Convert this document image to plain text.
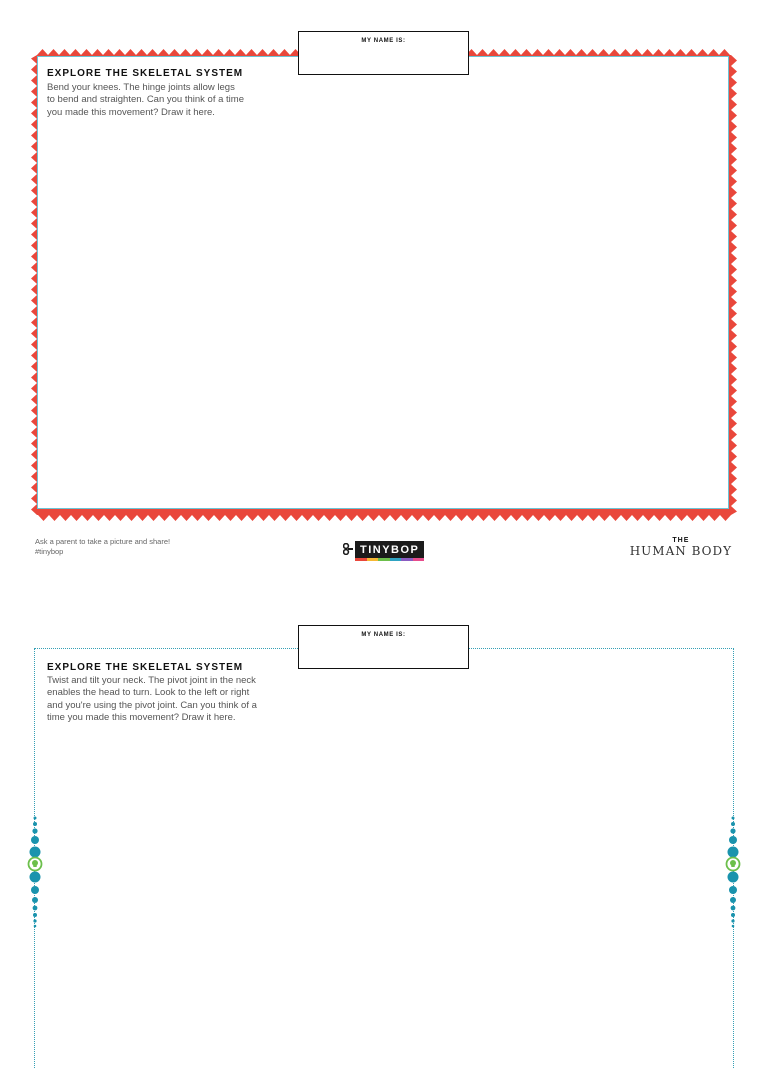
MY NAME IS:
EXPLORE THE SKELETAL SYSTEM
Bend your knees. The hinge joints allow legs
to bend and straighten. Can you think of a time
you made this movement? Draw it here.
Ask a parent to take a picture and share!
#tinybop	TINYBOP
THE
HUMAN BODY
MY NAME IS:
EXPLORE THE SKELETAL SYSTEM
Twist and tilt your neck. The pivot joint in the neck
enables the head to turn. Look to the left or right
and you're using the pivot joint. Can you think of a
time you made this movement? Draw it here.
